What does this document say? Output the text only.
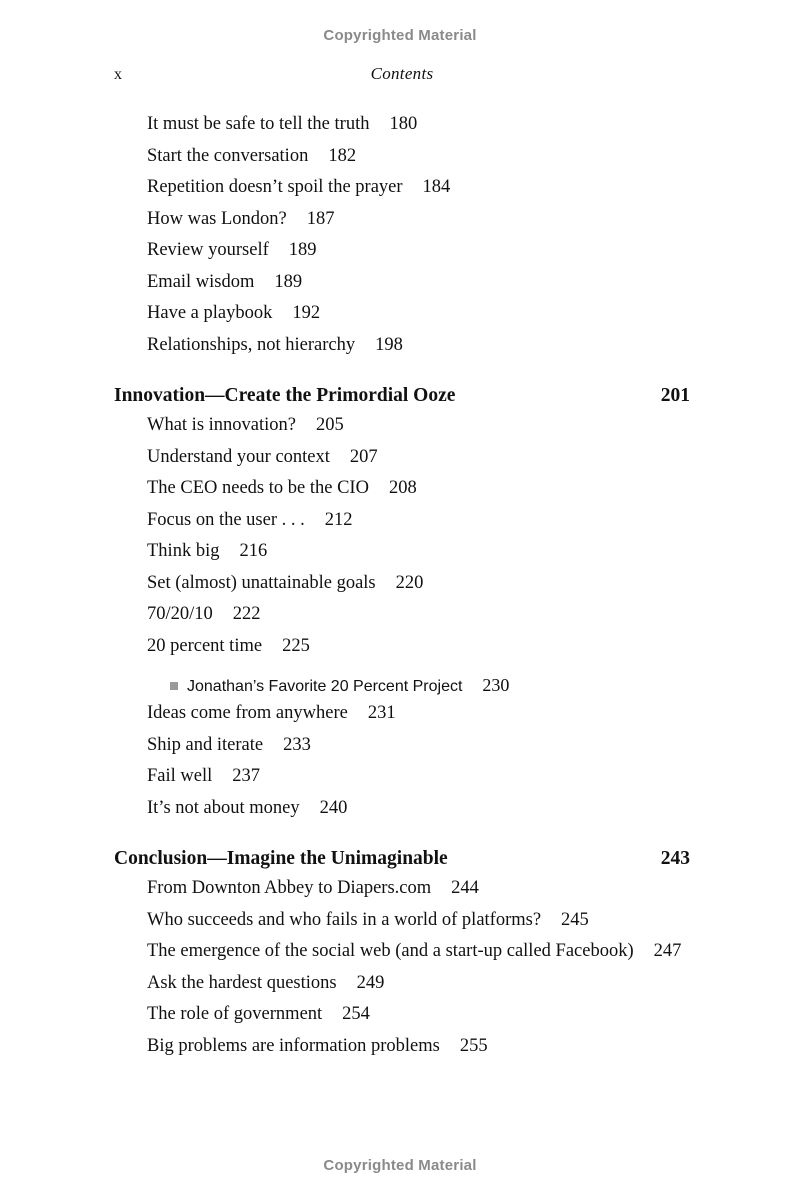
Copyrighted Material
x	Contents
It must be safe to tell the truth 180
Start the conversation 182
Repetition doesn’t spoil the prayer 184
How was London? 187
Review yourself 189
Email wisdom 189
Have a playbook 192
Relationships, not hierarchy 198
Innovation—Create the Primordial Ooze	201
What is innovation? 205
Understand your context 207
The CEO needs to be the CIO 208
Focus on the user . . . 212
Think big 216
Set (almost) unattainable goals 220
70/20/10 222
20 percent time 225
Jonathan’s Favorite 20 Percent Project 230
Ideas come from anywhere 231
Ship and iterate 233
Fail well 237
It’s not about money 240
Conclusion—Imagine the Unimaginable	243
From Downton Abbey to Diapers.com 244
Who succeeds and who fails in a world of platforms? 245
The emergence of the social web (and a start-up called Facebook) 247
Ask the hardest questions 249
The role of government 254
Big problems are information problems 255
Copyrighted Material
